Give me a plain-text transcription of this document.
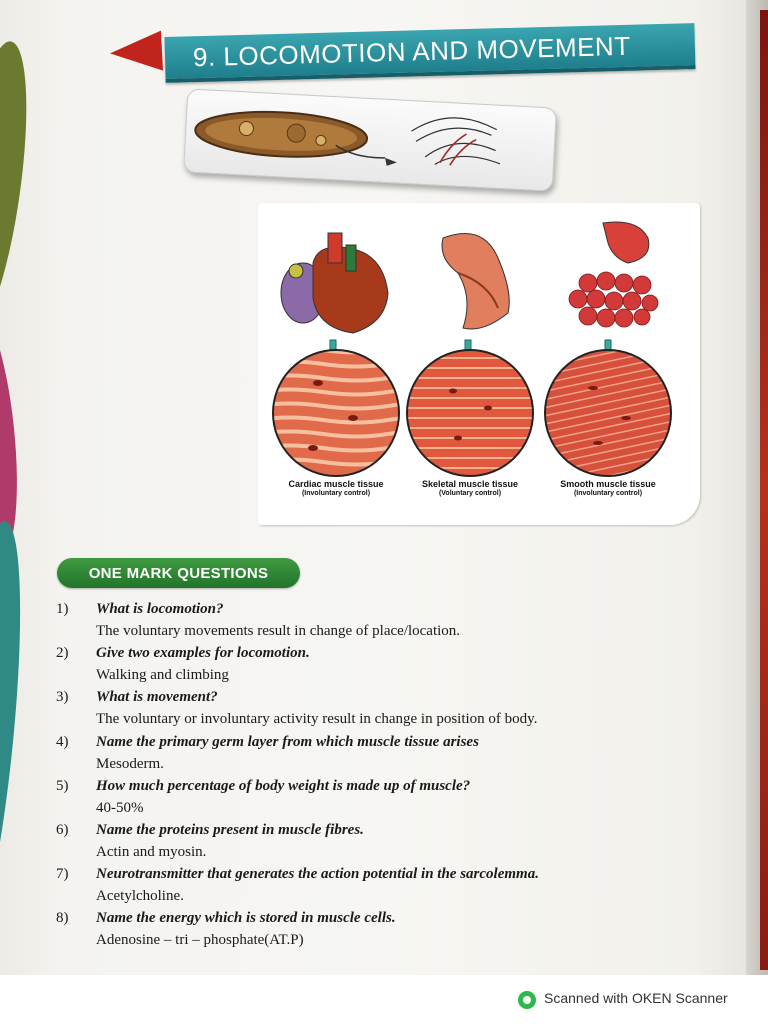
9. LOCOMOTION AND MOVEMENT
Cardiac muscle tissue
(Involuntary control)
Skeletal muscle tissue
(Voluntary control)
Smooth muscle tissue
(Involuntary control)
ONE MARK QUESTIONS
1)	What is locomotion?
The voluntary movements result in change of place/location.
2)	Give two examples for locomotion.
Walking and climbing
3)	What is movement?
The voluntary or involuntary activity result in change in position of body.
4)	Name the primary germ layer from which muscle tissue arises
Mesoderm.
5)	How much percentage of body weight is made up of muscle?
40-50%
6)	Name the proteins present in muscle fibres.
Actin and myosin.
7)	Neurotransmitter that generates the action potential in the sarcolemma.
Acetylcholine.
8)	Name the energy which is stored in muscle cells.
Adenosine – tri – phosphate(AT.P)
Scanned with OKEN Scanner
